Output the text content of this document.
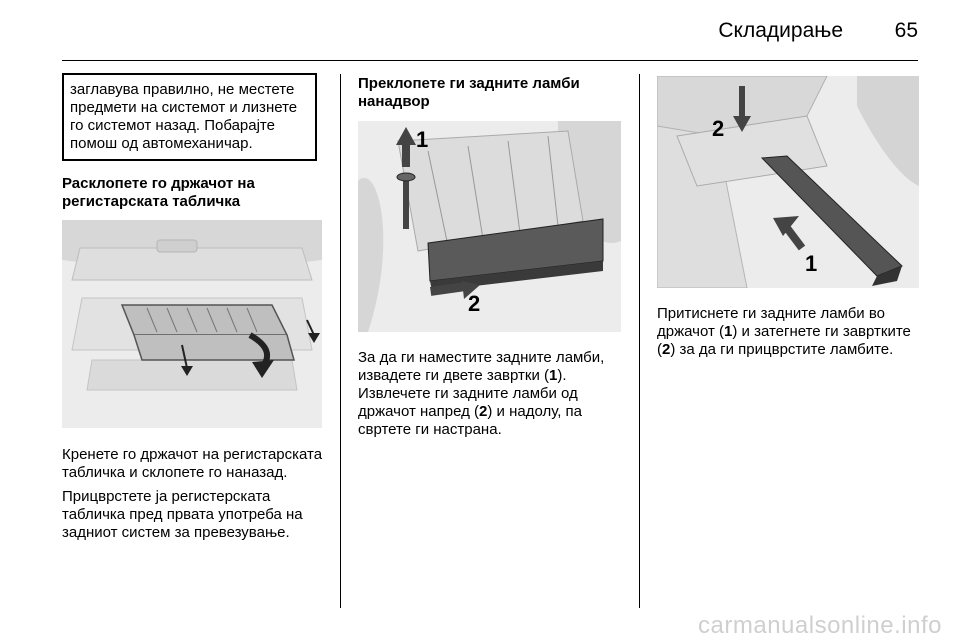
Складирање 65

заглавува правилно, не местете предмети на системот и лизнете го системот назад. Побарајте помош од автомеханичар.

Расклопете го држачот на регистарската табличка

Кренете го држачот на регистарската табличка и склопете го наназад.

Прицврстете ја регистерската табличка пред првата употреба на задниот систем за превезување.

Преклопете ги задните ламби нанадвор
1
2

За да ги наместите задните ламби, извадете ги двете завртки (1).

Извлечете ги задните ламби од држачот напред (2) и надолу, па свртете ги настрана.

2
1

Притиснете ги задните ламби во држачот (1) и затегнете ги завртките (2) за да ги прицврстите ламбите.

carmanualsonline.info
